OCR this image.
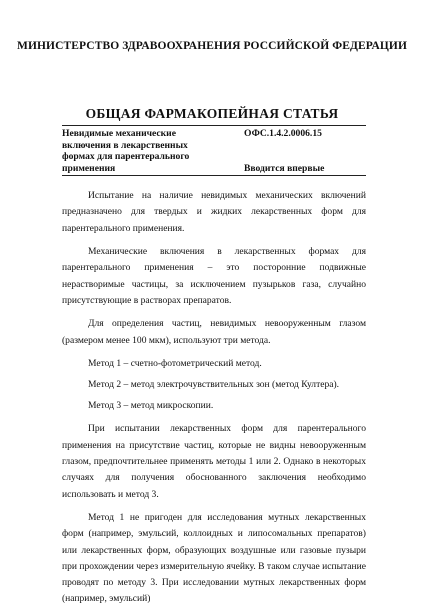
МИНИСТЕРСТВО ЗДРАВООХРАНЕНИЯ РОССИЙСКОЙ ФЕДЕРАЦИИ
ОБЩАЯ ФАРМАКОПЕЙНАЯ СТАТЬЯ
Невидимые механические включения в лекарственных формах для парентерального применения
ОФС.1.4.2.0006.15
Вводится впервые

Испытание на наличие невидимых механических включений предназначено для твердых и жидких лекарственных форм для парентерального применения.

Механические включения в лекарственных формах для парентерального применения – это посторонние подвижные нерастворимые частицы, за исключением пузырьков газа, случайно присутствующие в растворах препаратов.

Для определения частиц, невидимых невооруженным глазом (размером менее 100 мкм), используют три метода.

Метод 1 – счетно-фотометрический метод.

Метод 2 – метод электрочувствительных зон (метод Култера).

Метод 3 – метод микроскопии.

При испытании лекарственных форм для парентерального применения на присутствие частиц, которые не видны невооруженным глазом, предпочтительнее применять методы 1 или 2. Однако в некоторых случаях для получения обоснованного заключения необходимо использовать и метод 3.

Метод 1 не пригоден для исследования мутных лекарственных форм (например, эмульсий, коллоидных и липосомальных препаратов) или лекарственных форм, образующих воздушные или газовые пузыри при прохождении через измерительную ячейку. В таком случае испытание проводят по методу 3. При исследовании мутных лекарственных форм (например, эмульсий)
